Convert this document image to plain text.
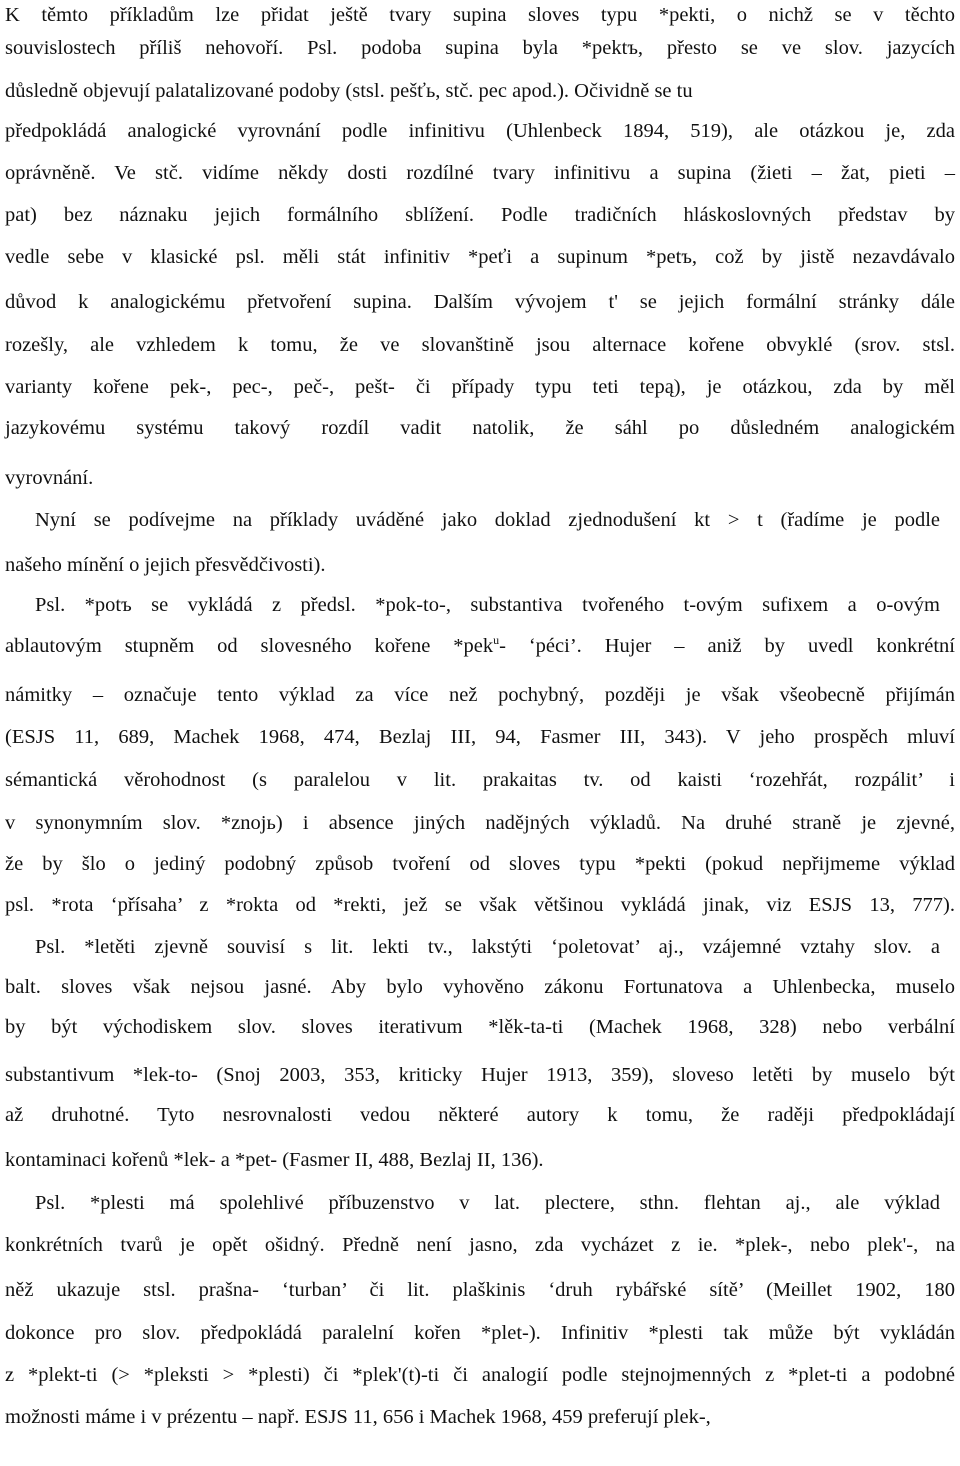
K těmto příkladům lze přidat ještě tvary supina sloves typu *pekti, o nichž se v těchto
souvislostech příliš nehovoří. Psl. podoba supina byla *pektъ, přesto se ve slov. jazycích
důsledně objevují palatalizované podoby (stsl. pešťь, stč. pec apod.). Očividně se tu
předpokládá analogické vyrovnání podle infinitivu (Uhlenbeck 1894, 519), ale otázkou je, zda
oprávněně. Ve stč. vidíme někdy dosti rozdílné tvary infinitivu a supina (žieti – žat, pieti –
pat) bez náznaku jejich formálního sblížení. Podle tradičních hláskoslovných představ by
vedle sebe v klasické psl. měli stát infinitiv *peťi a supinum *petъ, což by jistě nezavdávalo
důvod k analogickému přetvoření supina. Dalším vývojem t' se jejich formální stránky dále
rozešly, ale vzhledem k tomu, že ve slovanštině jsou alternace kořene obvyklé (srov. stsl.
varianty kořene pek-, pec-, peč-, pešt- či případy typu teti tepą), je otázkou, zda by měl
jazykovému systému takový rozdíl vadit natolik, že sáhl po důsledném analogickém
vyrovnání.
Nyní se podívejme na příklady uváděné jako doklad zjednodušení kt > t (řadíme je podle
našeho mínění o jejich přesvědčivosti).
Psl. *potъ se vykládá z předsl. *pok-to-, substantiva tvořeného t-ovým sufixem a o-ovým
ablautovým stupněm od slovesného kořene *pek$^u$- ‘péci’. Hujer – aniž by uvedl konkrétní
námitky – označuje tento výklad za více než pochybný, později je však všeobecně přijímán
(ESJS 11, 689, Machek 1968, 474, Bezlaj III, 94, Fasmer III, 343). V jeho prospěch mluví
sémantická věrohodnost (s paralelou v lit. prakaitas tv. od kaisti ‘rozehřát, rozpálit’ i
v synonymním slov. *znojь) i absence jiných nadějných výkladů. Na druhé straně je zjevné,
že by šlo o jediný podobný způsob tvoření od sloves typu *pekti (pokud nepřijmeme výklad
psl. *rota ‘přísaha’ z *rokta od *rekti, jež se však většinou vykládá jinak, viz ESJS 13, 777).
Psl. *letěti zjevně souvisí s lit. lekti tv., lakstýti ‘poletovat’ aj., vzájemné vztahy slov. a
balt. sloves však nejsou jasné. Aby bylo vyhověno zákonu Fortunatova a Uhlenbecka, muselo
by být východiskem slov. sloves iterativum *lěk-ta-ti (Machek 1968, 328) nebo verbální
substantivum *lek-to- (Snoj 2003, 353, kriticky Hujer 1913, 359), sloveso letěti by muselo být
až druhotné. Tyto nesrovnalosti vedou některé autory k tomu, že raději předpokládají
kontaminaci kořenů *lek- a *pet- (Fasmer II, 488, Bezlaj II, 136).
Psl. *plesti má spolehlivé příbuzenstvo v lat. plectere, sthn. flehtan aj., ale výklad
konkrétních tvarů je opět ošidný. Předně není jasno, zda vycházet z ie. *plek-, nebo plek'-, na
něž ukazuje stsl. prašna- ‘turban’ či lit. plaškinis ‘druh rybářské sítě’ (Meillet 1902, 180
dokonce pro slov. předpokládá paralelní kořen *plet-). Infinitiv *plesti tak může být vykládán
z *plekt-ti (> *pleksti > *plesti) či *plek'(t)-ti či analogií podle stejnojmenných z *plet-ti a podobné
možnosti máme i v prézentu – např. ESJS 11, 656 i Machek 1968, 459 preferují plek-,
